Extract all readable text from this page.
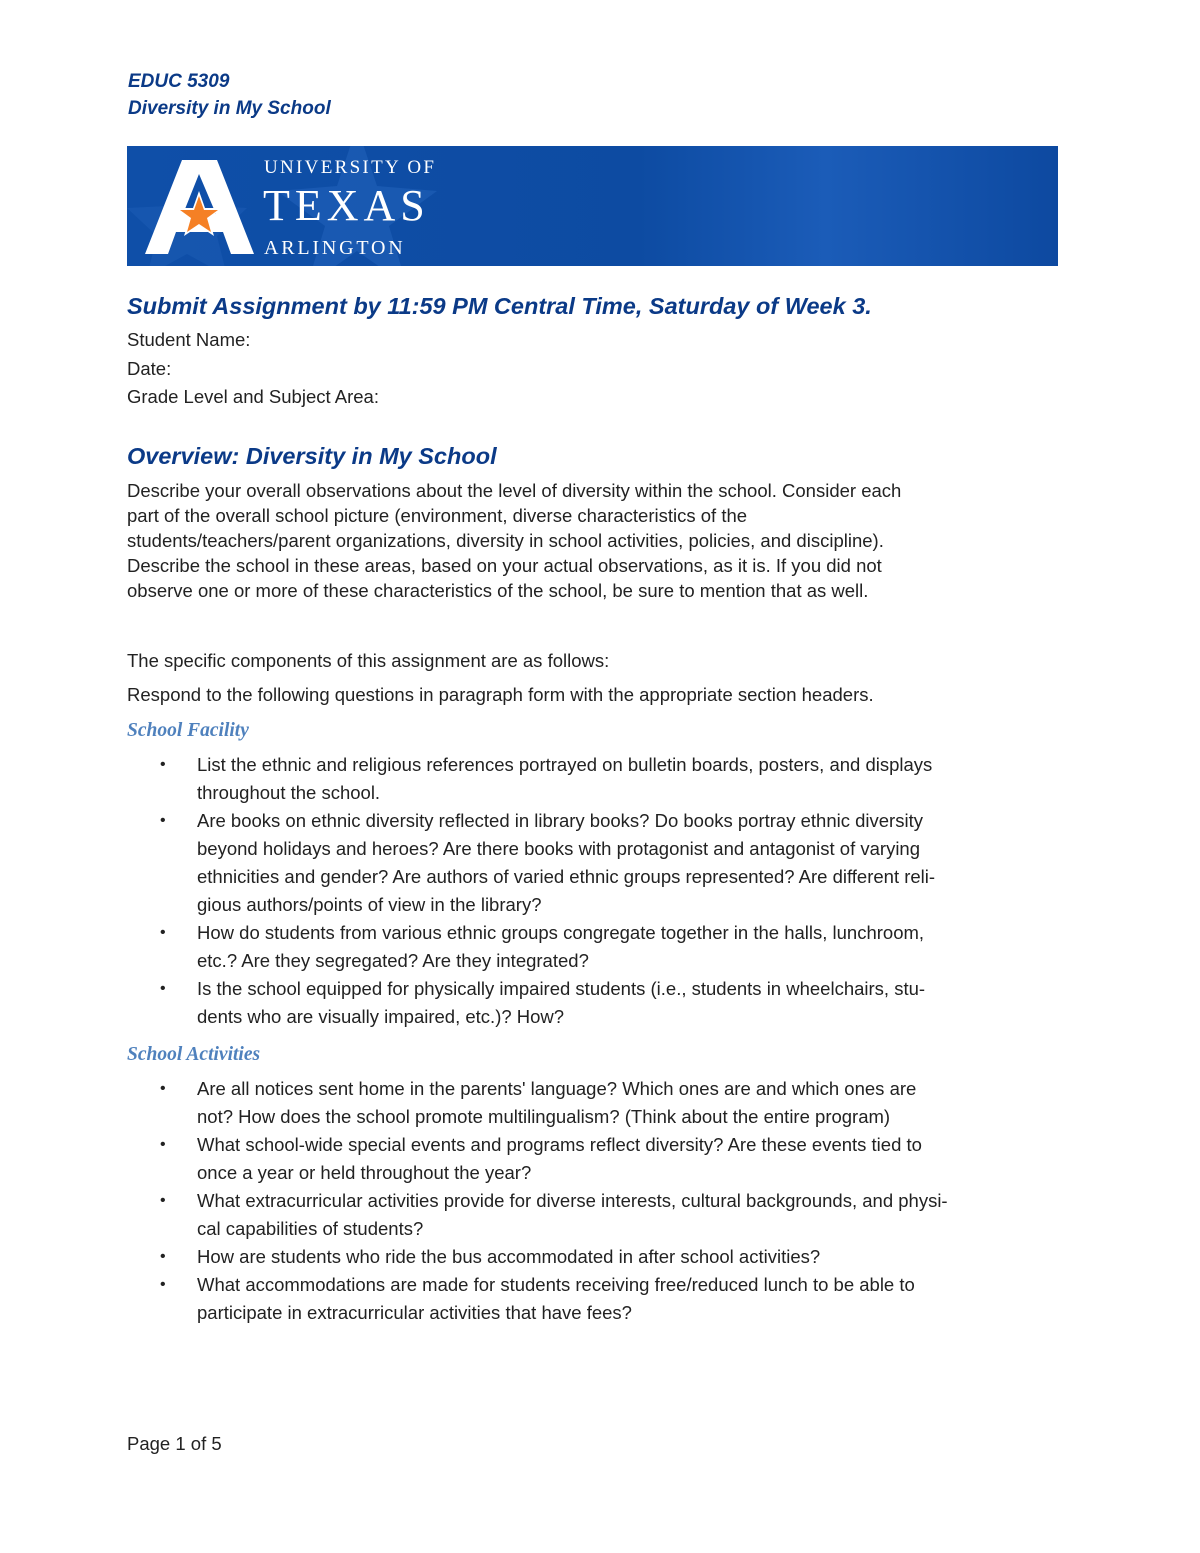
EDUC 5309
Diversity in My School
UNIVERSITY OF
TEXAS
ARLINGTON

Submit Assignment by 11:59 PM Central Time, Saturday of Week 3.

Student Name:

Date:

Grade Level and Subject Area:

Overview: Diversity in My School

Describe your overall observations about the level of diversity within the school. Consider each
part of the overall school picture (environment, diverse characteristics of the
students/teachers/parent organizations, diversity in school activities, policies, and discipline).
Describe the school in these areas, based on your actual observations, as it is. If you did not
observe one or more of these characteristics of the school, be sure to mention that as well.

The specific components of this assignment are as follows:

Respond to the following questions in paragraph form with the appropriate section headers.

School Facility

• List the ethnic and religious references portrayed on bulletin boards, posters, and displays
throughout the school.
• Are books on ethnic diversity reflected in library books? Do books portray ethnic diversity
beyond holidays and heroes? Are there books with protagonist and antagonist of varying
ethnicities and gender? Are authors of varied ethnic groups represented? Are different reli-
gious authors/points of view in the library?
• How do students from various ethnic groups congregate together in the halls, lunchroom,
etc.? Are they segregated? Are they integrated?
• Is the school equipped for physically impaired students (i.e., students in wheelchairs, stu-
dents who are visually impaired, etc.)? How?

School Activities

• Are all notices sent home in the parents' language? Which ones are and which ones are
not? How does the school promote multilingualism? (Think about the entire program)
• What school-wide special events and programs reflect diversity? Are these events tied to
once a year or held throughout the year?
• What extracurricular activities provide for diverse interests, cultural backgrounds, and physi-
cal capabilities of students?
• How are students who ride the bus accommodated in after school activities?
• What accommodations are made for students receiving free/reduced lunch to be able to
participate in extracurricular activities that have fees?
Page 1 of 5
